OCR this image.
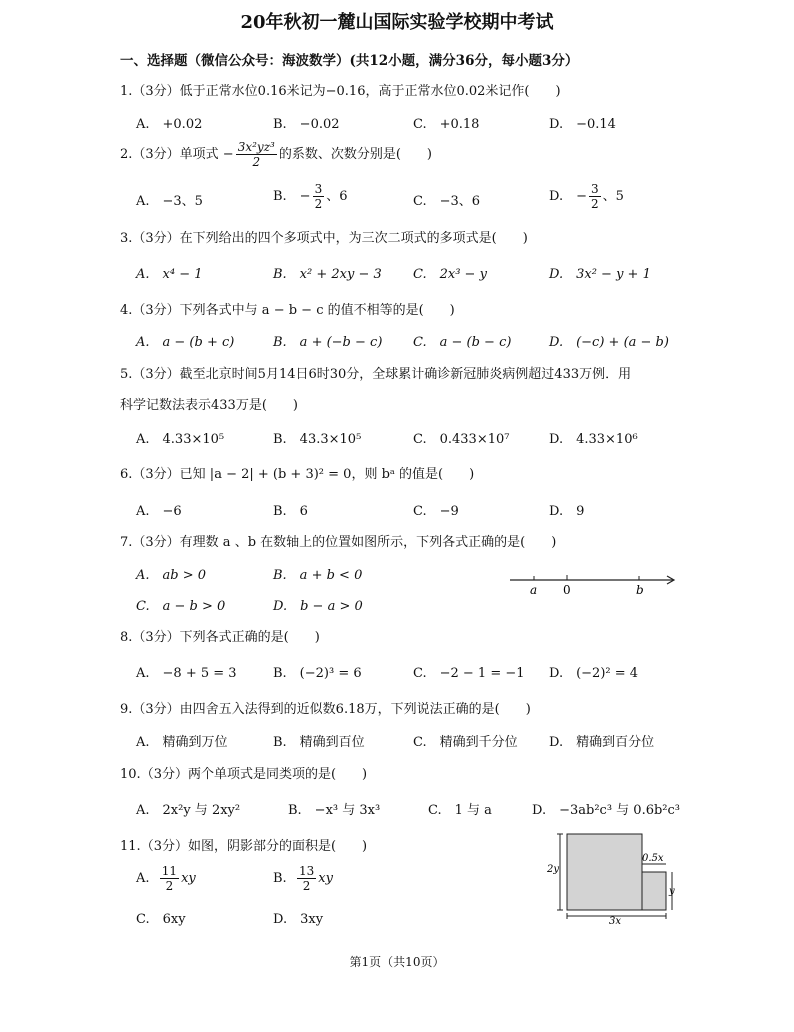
20年秋初一麓山国际实验学校期中考试
一、选择题（微信公众号：海波数学）(共12小题，满分36分，每小题3分）
1.（3分）低于正常水位0.16米记为−0.16，高于正常水位0.02米记作(　　)
A.　+0.02	B.　−0.02	C.　+0.18	D.　−0.14
2.（3分）单项式 − $\frac{\text{3x²yz³}}{2}$ 的系数、次数分别是(　　)
A.　−3、5	B.　− $\frac{3}{2}$ 、6	C.　−3、6	D.　− $\frac{3}{2}$ 、5
3.（3分）在下列给出的四个多项式中，为三次二项式的多项式是(　　)
A.　x⁴ − 1	B.　x² + 2xy − 3 C.　2x³ − y	D.　3x² − y + 1
4.（3分）下列各式中与 a − b − c 的值不相等的是(　　)
A.　a − (b + c)	B.　a + (−b − c) C.　a − (b − c)	D.　(−c) + (a − b)
5.（3分）截至北京时间5月14日6时30分，全球累计确诊新冠肺炎病例超过433万例．用
科学记数法表示433万是(　　)
A.　4.33×10⁵	B.　43.3×10⁵	C.　0.433×10⁷	D.　4.33×10⁶
6.（3分）已知 |a − 2| + (b + 3)² = 0，则 bᵃ 的值是(　　)
A.　−6	B.　6	C.　−9	D.　9
7.（3分）有理数 a 、b 在数轴上的位置如图所示，下列各式正确的是(　　)
A.　ab > 0	B.　a + b < 0
C.　a − b > 0	D.　b − a > 0
a 0	b
8.（3分）下列各式正确的是(　　)
A.　−8 + 5 = 3	B.　(−2)³ = 6	C.　−2 − 1 = −1 D.　(−2)² = 4
9.（3分）由四舍五入法得到的近似数6.18万，下列说法正确的是(　　)
A.　精确到万位	B.　精确到百位	C.　精确到千分位 D.　精确到百分位
10.（3分）两个单项式是同类项的是(　　)
A.　2x²y 与 2xy²	B.　−x³ 与 3x³	C.　1 与 a	D.　−3ab²c³ 与 0.6b²c³
11.（3分）如图，阴影部分的面积是(　　)
A. $\frac{11}{2}$ xy	B. $\frac{13}{2}$ xy
C.　6xy	D.　3xy
2y
0.5x
y
3x
第1页（共10页）
